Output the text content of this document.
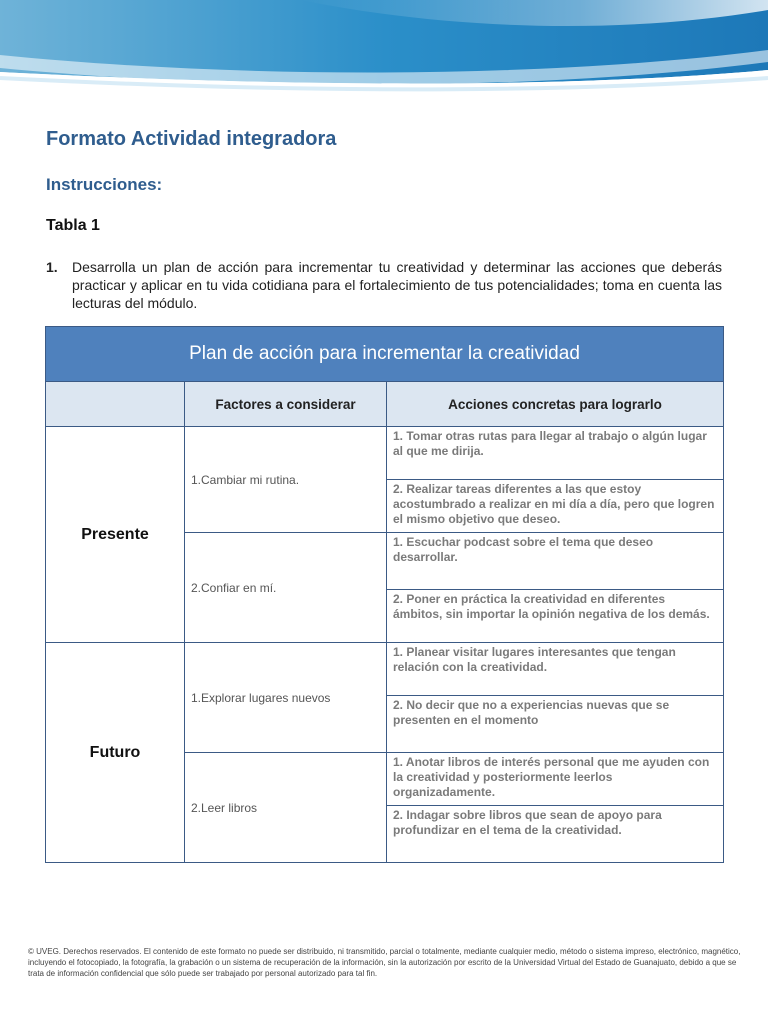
Formato Actividad integradora
Instrucciones:
Tabla 1
1. Desarrolla un plan de acción para incrementar tu creatividad y determinar las acciones que deberás practicar y aplicar en tu vida cotidiana para el fortalecimiento de tus potencialidades; toma en cuenta las lecturas del módulo.
Plan de acción para incrementar la creatividad		
	Factores a considerar	Acciones concretas para lograrlo
Presente	1.Cambiar mi rutina.	1. Tomar otras rutas para llegar al trabajo o algún lugar al que me dirija.
		2. Realizar tareas diferentes a las que estoy acostumbrado a realizar en mi día a día, pero que logren el mismo objetivo que deseo.
	2.Confiar en mí.	1. Escuchar podcast sobre el tema que deseo desarrollar.
		2. Poner en práctica la creatividad en diferentes ámbitos, sin importar la opinión negativa de los demás.
Futuro	1.Explorar lugares nuevos	1. Planear visitar lugares interesantes que tengan relación con la creatividad.
		2. No decir que no a experiencias nuevas que se presenten en el momento
	2.Leer libros	1. Anotar libros de interés personal que me ayuden con la creatividad y posteriormente leerlos organizadamente.
		2. Indagar sobre libros que sean de apoyo para profundizar en el tema de la creatividad.
© UVEG. Derechos reservados. El contenido de este formato no puede ser distribuido, ni transmitido, parcial o totalmente, mediante cualquier medio, método o sistema impreso, electrónico, magnético, incluyendo el fotocopiado, la fotografía, la grabación o un sistema de recuperación de la información, sin la autorización por escrito de la Universidad Virtual del Estado de Guanajuato, debido a que se trata de información confidencial que sólo puede ser trabajado por personal autorizado para tal fin.
